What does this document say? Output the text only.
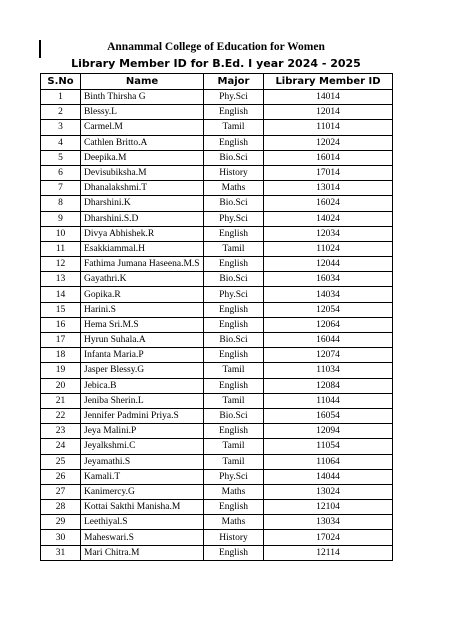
Annammal College of Education for Women
Library Member ID for B.Ed. I year 2024 - 2025
S.No	Name	Major	Library Member ID
1	Binth Thirsha G	Phy.Sci	14014
2	Blessy.L	English	12014
3	Carmel.M	Tamil	11014
4	Cathlen Britto.A	English	12024
5	Deepika.M	Bio.Sci	16014
6	Devisubiksha.M	History	17014
7	Dhanalakshmi.T	Maths	13014
8	Dharshini.K	Bio.Sci	16024
9	Dharshini.S.D	Phy.Sci	14024
10	Divya Abhishek.R	English	12034
11	Esakkiammal.H	Tamil	11024
12	Fathima Jumana Haseena.M.S	English	12044
13	Gayathri.K	Bio.Sci	16034
14	Gopika.R	Phy.Sci	14034
15	Harini.S	English	12054
16	Hema Sri.M.S	English	12064
17	Hyrun Suhala.A	Bio.Sci	16044
18	Infanta Maria.P	English	12074
19	Jasper Blessy.G	Tamil	11034
20	Jebica.B	English	12084
21	Jeniba Sherin.L	Tamil	11044
22	Jennifer Padmini Priya.S	Bio.Sci	16054
23	Jeya Malini.P	English	12094
24	Jeyalkshmi.C	Tamil	11054
25	Jeyamathi.S	Tamil	11064
26	Kamali.T	Phy.Sci	14044
27	Kanimercy.G	Maths	13024
28	Kottai Sakthi Manisha.M	English	12104
29	Leethiyal.S	Maths	13034
30	Maheswari.S	History	17024
31	Mari Chitra.M	English	12114
